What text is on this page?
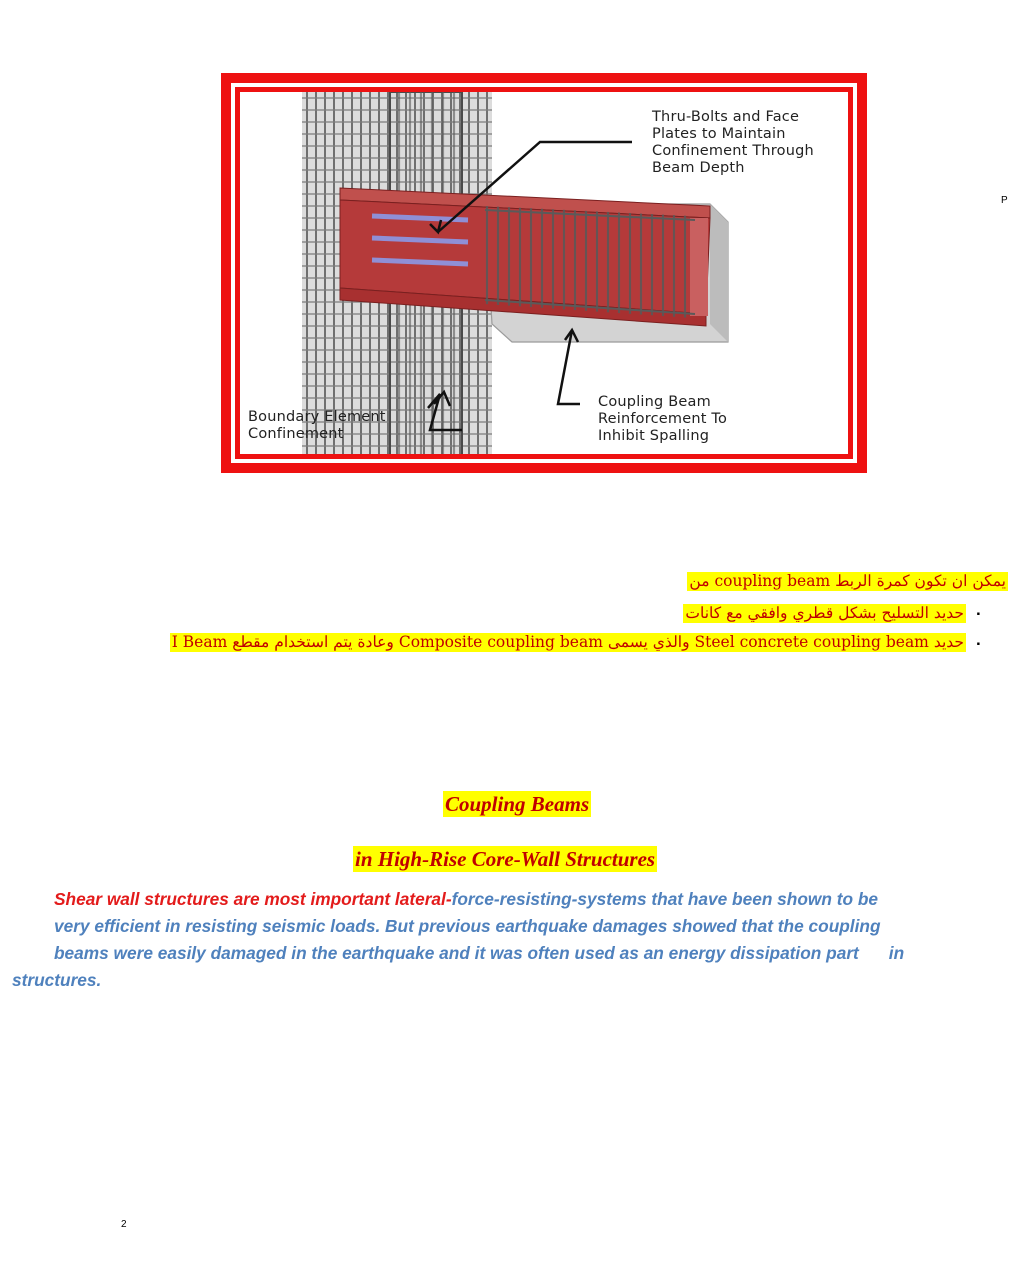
Thru-Bolts and Face
Plates to Maintain
Confinement Through
Beam Depth

Boundary Element
Confinement

Coupling Beam
Reinforcement To
Inhibit Spalling

P
يمكن ان تكون كمرة الربط coupling beam من
.
حديد التسليح بشكل قطري وافقي مع كانات
.
حديد Steel concrete coupling beam والذي يسمى Composite coupling beam وعادة يتم استخدام مقطع I Beam
Coupling Beams
in High-Rise Core-Wall Structures

Shear wall structures are most important lateral-force-resisting-systems that have been shown to be
very efficient in resisting seismic loads. But previous earthquake damages showed that the coupling
beams were easily damaged in the earthquake and it was often used as an energy dissipation part in
structures.

2
